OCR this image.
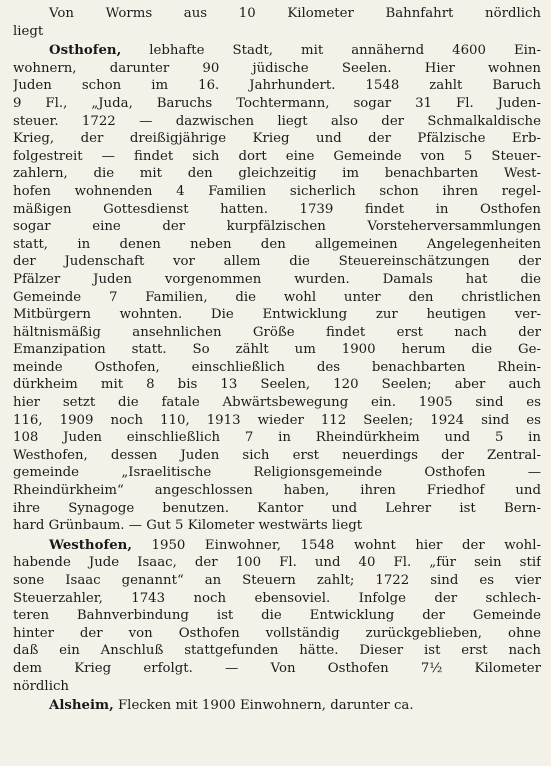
Von Worms aus 10 Kilometer Bahnfahrt nördlich
liegt
Osthofen, lebhafte Stadt, mit annähernd 4600 Ein-
wohnern, darunter 90 jüdische Seelen. Hier wohnen
Juden schon im 16. Jahrhundert. 1548 zahlt Baruch
9 Fl., „Juda, Baruchs Tochtermann, sogar 31 Fl. Juden-
steuer. 1722 — dazwischen liegt also der Schmalkaldische
Krieg, der dreißigjährige Krieg und der Pfälzische Erb-
folgestreit — findet sich dort eine Gemeinde von 5 Steuer-
zahlern, die mit den gleichzeitig im benachbarten West-
hofen wohnenden 4 Familien sicherlich schon ihren regel-
mäßigen Gottesdienst hatten. 1739 findet in Osthofen
sogar eine der kurpfälzischen Vorsteherversammlungen
statt, in denen neben den allgemeinen Angelegenheiten
der Judenschaft vor allem die Steuereinschätzungen der
Pfälzer Juden vorgenommen wurden. Damals hat die
Gemeinde 7 Familien, die wohl unter den christlichen
Mitbürgern wohnten. Die Entwicklung zur heutigen ver-
hältnismäßig ansehnlichen Größe findet erst nach der
Emanzipation statt. So zählt um 1900 herum die Ge-
meinde Osthofen, einschließlich des benachbarten Rhein-
dürkheim mit 8 bis 13 Seelen, 120 Seelen; aber auch
hier setzt die fatale Abwärtsbewegung ein. 1905 sind es
116, 1909 noch 110, 1913 wieder 112 Seelen; 1924 sind es
108 Juden einschließlich 7 in Rheindürkheim und 5 in
Westhofen, dessen Juden sich erst neuerdings der Zentral-
gemeinde „Israelitische Religionsgemeinde Osthofen —
Rheindürkheim“ angeschlossen haben, ihren Friedhof und
ihre Synagoge benutzen. Kantor und Lehrer ist Bern-
hard Grünbaum. — Gut 5 Kilometer westwärts liegt
Westhofen, 1950 Einwohner, 1548 wohnt hier der wohl-
habende Jude Isaac, der 100 Fl. und 40 Fl. „für sein stif
sone Isaac genannt“ an Steuern zahlt; 1722 sind es vier
Steuerzahler, 1743 noch ebensoviel. Infolge der schlech-
teren Bahnverbindung ist die Entwicklung der Gemeinde
hinter der von Osthofen vollständig zurückgeblieben, ohne
daß ein Anschluß stattgefunden hätte. Dieser ist erst nach
dem Krieg erfolgt. — Von Osthofen 7½ Kilometer
nördlich
Alsheim, Flecken mit 1900 Einwohnern, darunter ca.
